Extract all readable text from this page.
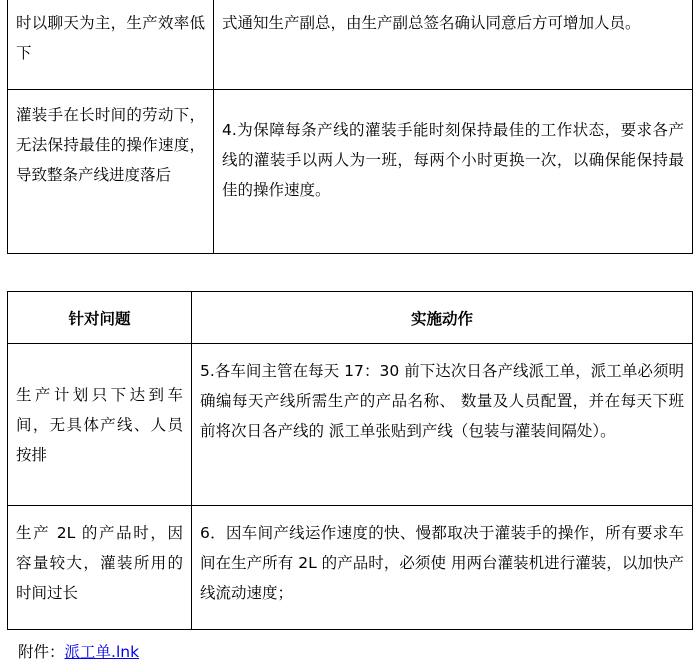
时以聊天为主，生产效率低下	式通知生产副总，由生产副总签名确认同意后方可增加人员。

灌装手在长时间的劳动下，无法保持最佳的操作速度，导致整条产线进度落后	4.为保障每条产线的灌装手能时刻保持最佳的工作状态，要求各产线的灌装手以两人为一班，每两个小时更换一次，以确保能保持最佳的操作速度。
针对问题	实施动作

生产计划只下达到车间，无具体产线、人员按排	5.各车间主管在每天 17：30 前下达次日各产线派工单，派工单必须明确编每天产线所需生产的产品名称、 数量及人员配置，并在每天下班前将次日各产线的 派工单张贴到产线（包装与灌装间隔处）。

生产 2L 的产品时，因容量较大，灌装所用的时间过长	6．因车间产线运作速度的快、慢都取决于灌装手的操作，所有要求车间在生产所有 2L 的产品时，必须使 用两台灌装机进行灌装，以加快产线流动速度；
附件：派工单.lnk
